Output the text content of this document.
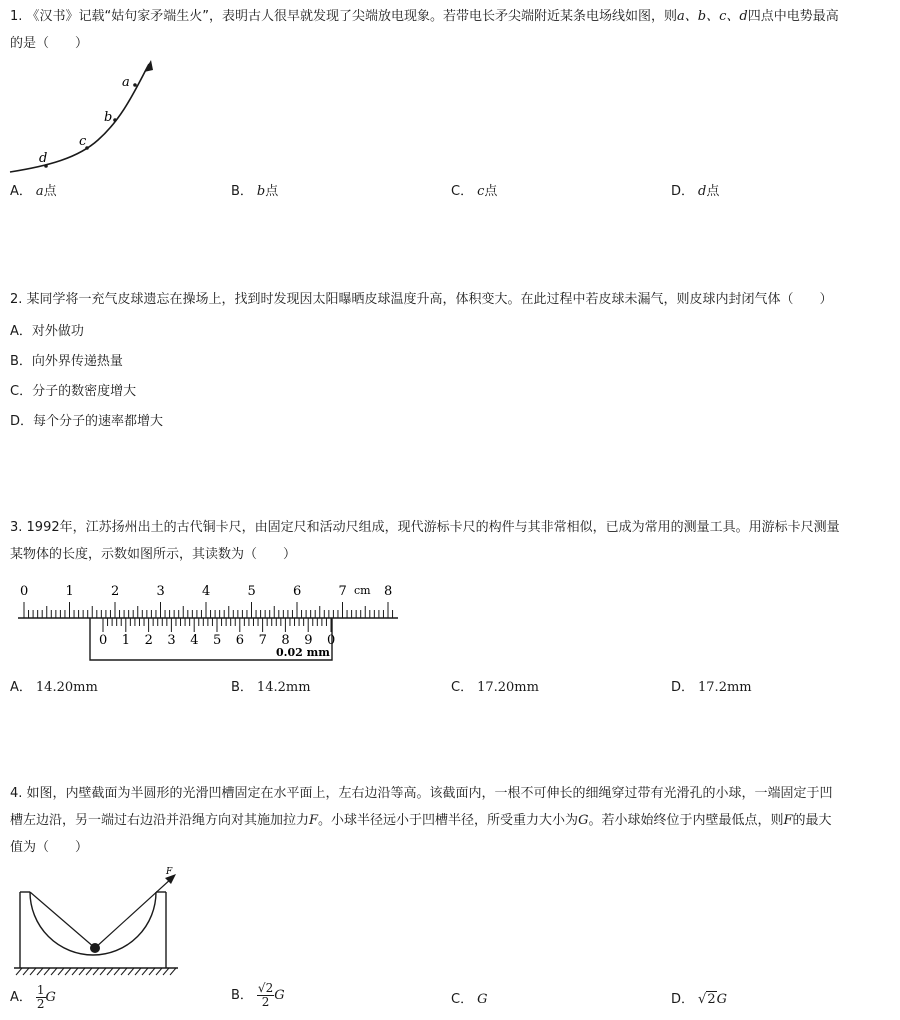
1. 《汉书》记载“姑句家矛端生火”，表明古人很早就发现了尖端放电现象。若带电长矛尖端附近某条电场线如图，则a、b、c、d四点中电势最高
的是（　　）

a
b
c
d
A． a点	B． b点	C． c点	D． d点

2. 某同学将一充气皮球遗忘在操场上，找到时发现因太阳曝晒皮球温度升高，体积变大。在此过程中若皮球未漏气，则皮球内封闭气体（　　）

A．对外做功
B．向外界传递热量
C．分子的数密度增大
D．每个分子的速率都增大

3. 1992年，江苏扬州出土的古代铜卡尺，由固定尺和活动尺组成，现代游标卡尺的构件与其非常相似，已成为常用的测量工具。用游标卡尺测量
某物体的长度，示数如图所示，其读数为（　　）

0	1	2	3	4	5	6	7	8
cm
0 1 2 3 4 5 6 7 8 9 0
0.02 mm
A． 14.20mm	B． 14.2mm	C． 17.20mm	D． 17.2mm

4. 如图，内壁截面为半圆形的光滑凹槽固定在水平面上，左右边沿等高。该截面内，一根不可伸长的细绳穿过带有光滑孔的小球，一端固定于凹
槽左边沿，另一端过右边沿并沿绳方向对其施加拉力F。小球半径远小于凹槽半径，所受重力大小为G。若小球始终位于内壁最低点，则F的最大
值为（　　）

F
A． $\frac{1}{2}$ G	B． $\frac{√2}{2}$ G	C． G	D． √2G
